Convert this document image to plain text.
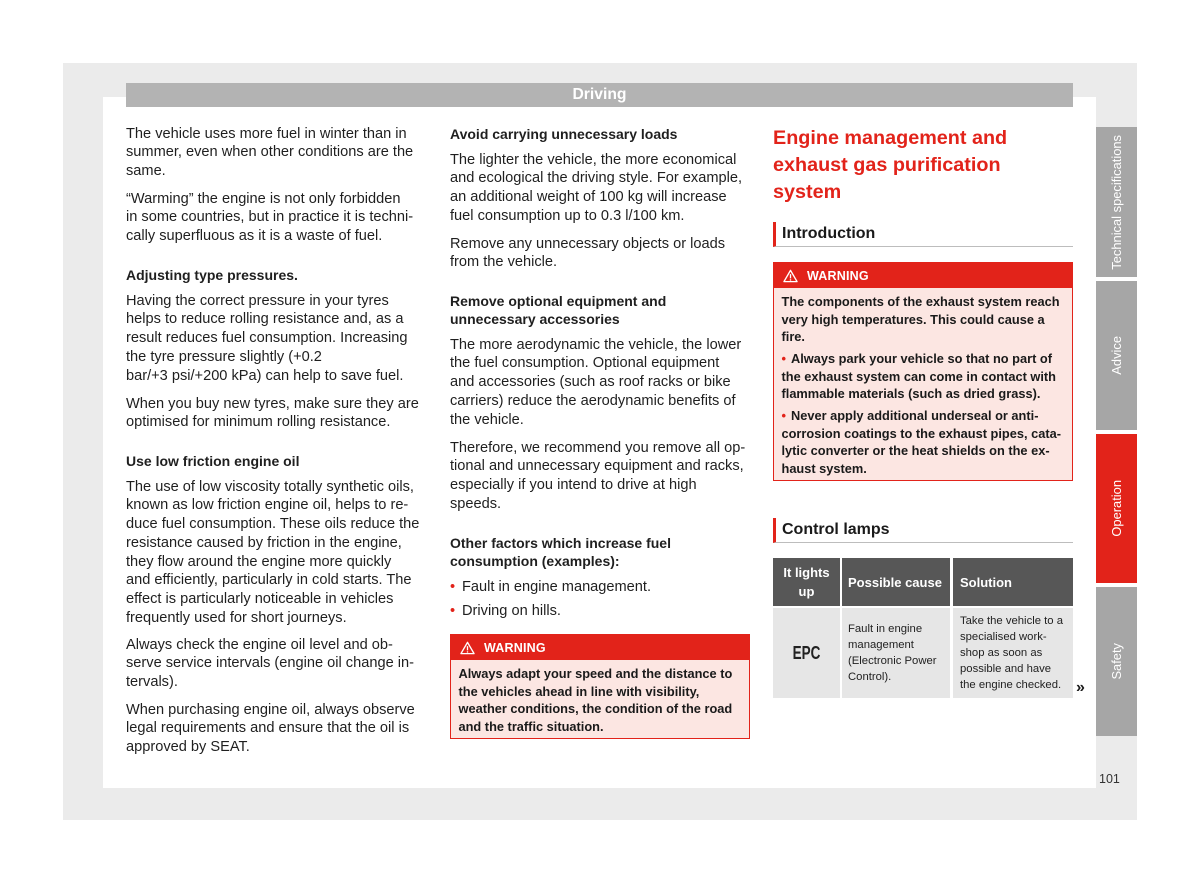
Driving
The vehicle uses more fuel in winter than in
summer, even when other conditions are the
same.
“Warming” the engine is not only forbidden
in some countries, but in practice it is techni-
cally superfluous as it is a waste of fuel.
Adjusting type pressures.
Having the correct pressure in your tyres
helps to reduce rolling resistance and, as a
result reduces fuel consumption. Increasing
the tyre pressure slightly (+0.2
bar/+3 psi/+200 kPa) can help to save fuel.
When you buy new tyres, make sure they are
optimised for minimum rolling resistance.
Use low friction engine oil
The use of low viscosity totally synthetic oils,
known as low friction engine oil, helps to re-
duce fuel consumption. These oils reduce the
resistance caused by friction in the engine,
they flow around the engine more quickly
and efficiently, particularly in cold starts. The
effect is particularly noticeable in vehicles
frequently used for short journeys.
Always check the engine oil level and ob-
serve service intervals (engine oil change in-
tervals).
When purchasing engine oil, always observe
legal requirements and ensure that the oil is
approved by SEAT.
Avoid carrying unnecessary loads
The lighter the vehicle, the more economical
and ecological the driving style. For example,
an additional weight of 100 kg will increase
fuel consumption up to 0.3 l/100 km.
Remove any unnecessary objects or loads
from the vehicle.
Remove optional equipment and
unnecessary accessories
The more aerodynamic the vehicle, the lower
the fuel consumption. Optional equipment
and accessories (such as roof racks or bike
carriers) reduce the aerodynamic benefits of
the vehicle.
Therefore, we recommend you remove all op-
tional and unnecessary equipment and racks,
especially if you intend to drive at high
speeds.
Other factors which increase fuel
consumption (examples):
• Fault in engine management.
• Driving on hills.
WARNING
Always adapt your speed and the distance to
the vehicles ahead in line with visibility,
weather conditions, the condition of the road
and the traffic situation.
Engine management and
exhaust gas purification
system
Introduction
WARNING
The components of the exhaust system reach
very high temperatures. This could cause a
fire.
• Always park your vehicle so that no part of
the exhaust system can come in contact with
flammable materials (such as dried grass).
• Never apply additional underseal or anti-
corrosion coatings to the exhaust pipes, cata-
lytic converter or the heat shields on the ex-
haust system.
Control lamps
It lights
up
Possible cause Solution
EPC
Fault in engine
management
(Electronic Power
Control).
Take the vehicle to a
specialised work-
shop as soon as
possible and have
the engine checked. »
Technical specifications
Advice
Operation
Safety
101
